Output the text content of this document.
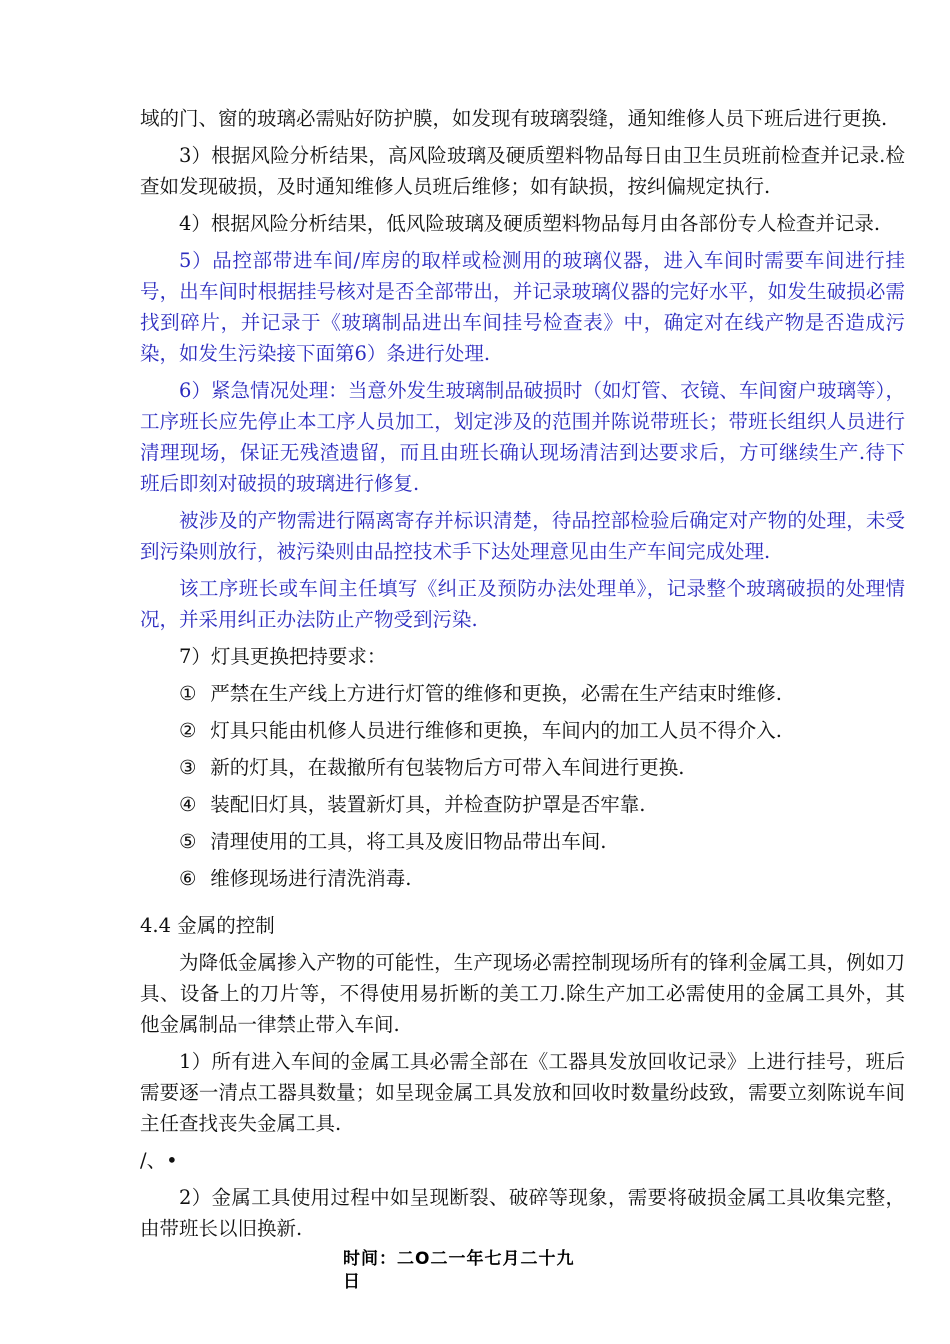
域的门、窗的玻璃必需贴好防护膜，如发现有玻璃裂缝，通知维修人员下班后进行更换.

3）根据风险分析结果，高风险玻璃及硬质塑料物品每日由卫生员班前检查并记录.检查如发现破损，及时通知维修人员班后维修；如有缺损，按纠偏规定执行.

4）根据风险分析结果，低风险玻璃及硬质塑料物品每月由各部份专人检查并记录.

5）品控部带进车间/库房的取样或检测用的玻璃仪器，进入车间时需要车间进行挂号，出车间时根据挂号核对是否全部带出，并记录玻璃仪器的完好水平，如发生破损必需找到碎片，并记录于《玻璃制品进出车间挂号检查表》中，确定对在线产物是否造成污染，如发生污染接下面第6）条进行处理.

6）紧急情况处理：当意外发生玻璃制品破损时（如灯管、衣镜、车间窗户玻璃等），工序班长应先停止本工序人员加工，划定涉及的范围并陈说带班长；带班长组织人员进行清理现场，保证无残渣遗留，而且由班长确认现场清洁到达要求后，方可继续生产.待下班后即刻对破损的玻璃进行修复.

被涉及的产物需进行隔离寄存并标识清楚，待品控部检验后确定对产物的处理，未受到污染则放行，被污染则由品控技术手下达处理意见由生产车间完成处理.

该工序班长或车间主任填写《纠正及预防办法处理单》，记录整个玻璃破损的处理情况，并采用纠正办法防止产物受到污染.

7）灯具更换把持要求：

① 严禁在生产线上方进行灯管的维修和更换，必需在生产结束时维修.
② 灯具只能由机修人员进行维修和更换，车间内的加工人员不得介入.
③ 新的灯具，在裁撤所有包装物后方可带入车间进行更换.
④ 装配旧灯具，装置新灯具，并检查防护罩是否牢靠.
⑤ 清理使用的工具，将工具及废旧物品带出车间.
⑥ 维修现场进行清洗消毒.

4.4 金属的控制

为降低金属掺入产物的可能性，生产现场必需控制现场所有的锋利金属工具，例如刀具、设备上的刀片等，不得使用易折断的美工刀.除生产加工必需使用的金属工具外，其他金属制品一律禁止带入车间.

1）所有进入车间的金属工具必需全部在《工器具发放回收记录》上进行挂号，班后需要逐一清点工器具数量；如呈现金属工具发放和回收时数量纷歧致，需要立刻陈说车间主任查找丧失金属工具.

/、•

2）金属工具使用过程中如呈现断裂、破碎等现象，需要将破损金属工具收集完整，由带班长以旧换新.

时间：二O二一年七月二十九日
